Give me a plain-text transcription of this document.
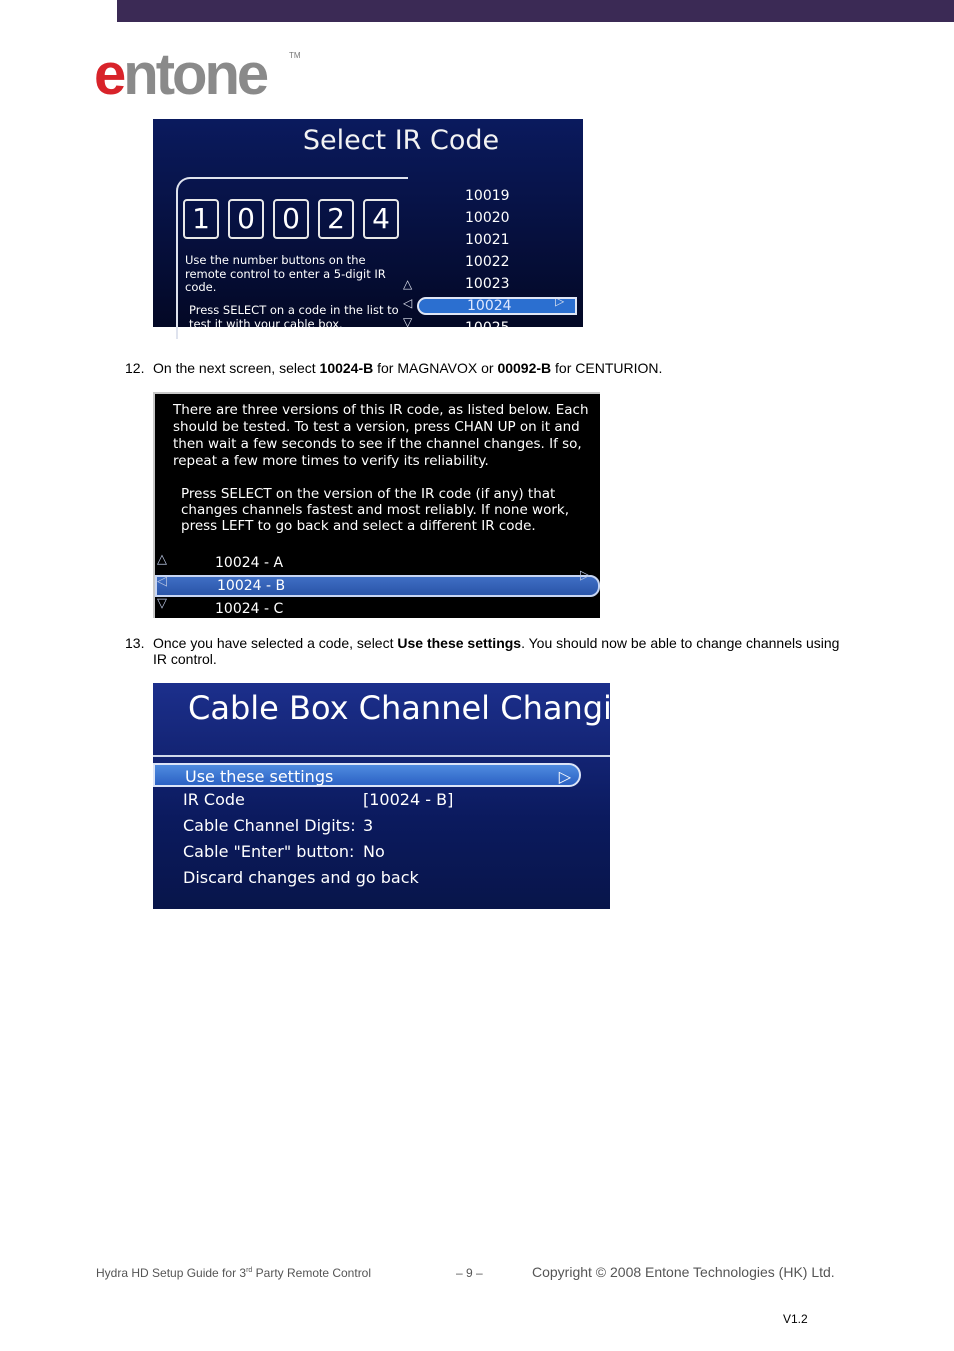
entone	TM
Select IR Code
1 0 0 2 4
Use the number buttons on the remote control to enter a 5-digit IR code.
Press SELECT on a code in the list to test it with your cable box.
△
◁
▽
10019
10020
10021
10022
10023
10024
10025
▷
12. On the next screen, select 10024-B for MAGNAVOX or 00092-B for CENTURION.
There are three versions of this IR code, as listed below. Each should be tested. To test a version, press CHAN UP on it and then wait a few seconds to see if the channel changes. If so, repeat a few more times to verify its reliability.
Press SELECT on the version of the IR code (if any) that changes channels fastest and most reliably. If none work, press LEFT to go back and select a different IR code.
10024 - A
10024 - B
10024 - C
△
◁
▽
▷
13. Once you have selected a code, select Use these settings. You should now be able to change channels using IR control.
Cable Box Channel Changing
Use these settings	▷
IR Code	[10024 - B]
Cable Channel Digits: 3
Cable "Enter" button: No
Discard changes and go back
Hydra HD Setup Guide for 3rd Party Remote Control	– 9 –	Copyright © 2008 Entone Technologies (HK) Ltd.
V1.2
